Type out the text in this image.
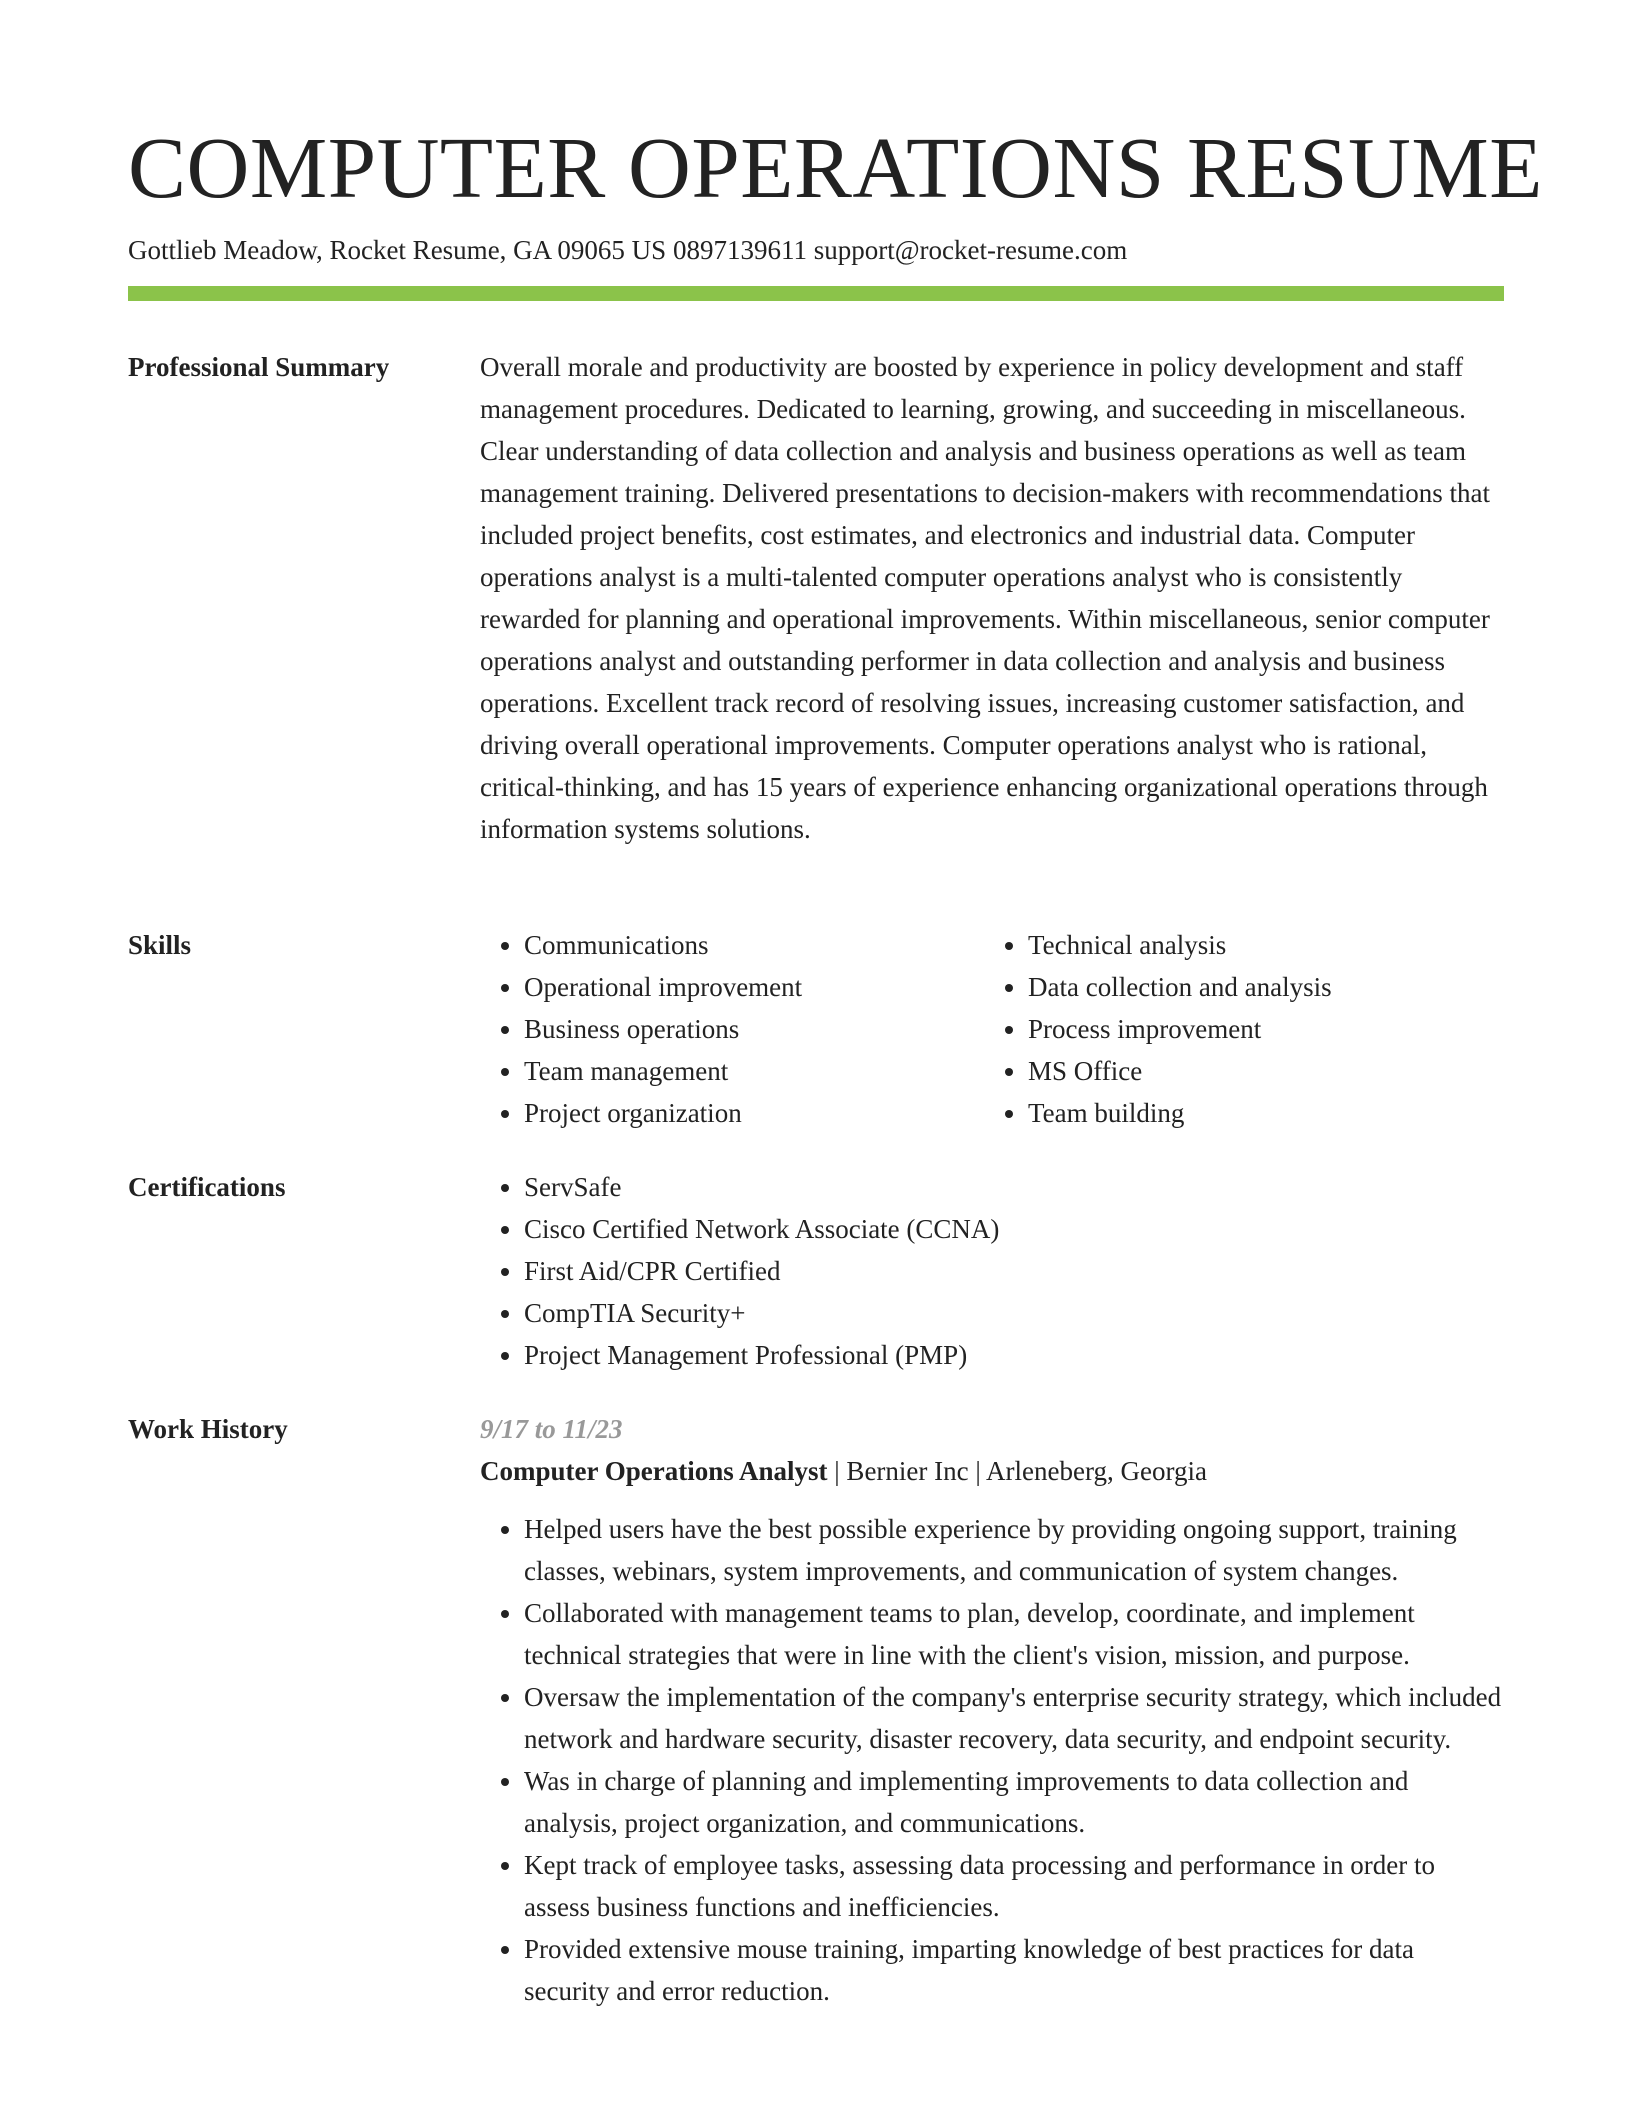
COMPUTER OPERATIONS RESUME
Gottlieb Meadow, Rocket Resume, GA 09065 US 0897139611 support@rocket-resume.com
Professional Summary	Overall morale and productivity are boosted by experience in policy development and staff management procedures. Dedicated to learning, growing, and succeeding in miscellaneous. Clear understanding of data collection and analysis and business operations as well as team management training. Delivered presentations to decision-makers with recommendations that included project benefits, cost estimates, and electronics and industrial data. Computer operations analyst is a multi-talented computer operations analyst who is consistently rewarded for planning and operational improvements. Within miscellaneous, senior computer operations analyst and outstanding performer in data collection and analysis and business operations. Excellent track record of resolving issues, increasing customer satisfaction, and driving overall operational improvements. Computer operations analyst who is rational, critical-thinking, and has 15 years of experience enhancing organizational operations through information systems solutions.

Skills	• Communications
• Operational improvement
• Business operations
• Team management
• Project organization
• Technical analysis
• Data collection and analysis
• Process improvement
• MS Office
• Team building
Certifications	• ServSafe
• Cisco Certified Network Associate (CCNA)
• First Aid/CPR Certified
• CompTIA Security+
• Project Management Professional (PMP)
Work History	9/17 to 11/23
Computer Operations Analyst | Bernier Inc | Arleneberg, Georgia
• Helped users have the best possible experience by providing ongoing support, training classes, webinars, system improvements, and communication of system changes.
• Collaborated with management teams to plan, develop, coordinate, and implement technical strategies that were in line with the client's vision, mission, and purpose.
• Oversaw the implementation of the company's enterprise security strategy, which included network and hardware security, disaster recovery, data security, and endpoint security.
• Was in charge of planning and implementing improvements to data collection and analysis, project organization, and communications.
• Kept track of employee tasks, assessing data processing and performance in order to assess business functions and inefficiencies.
• Provided extensive mouse training, imparting knowledge of best practices for data security and error reduction.
